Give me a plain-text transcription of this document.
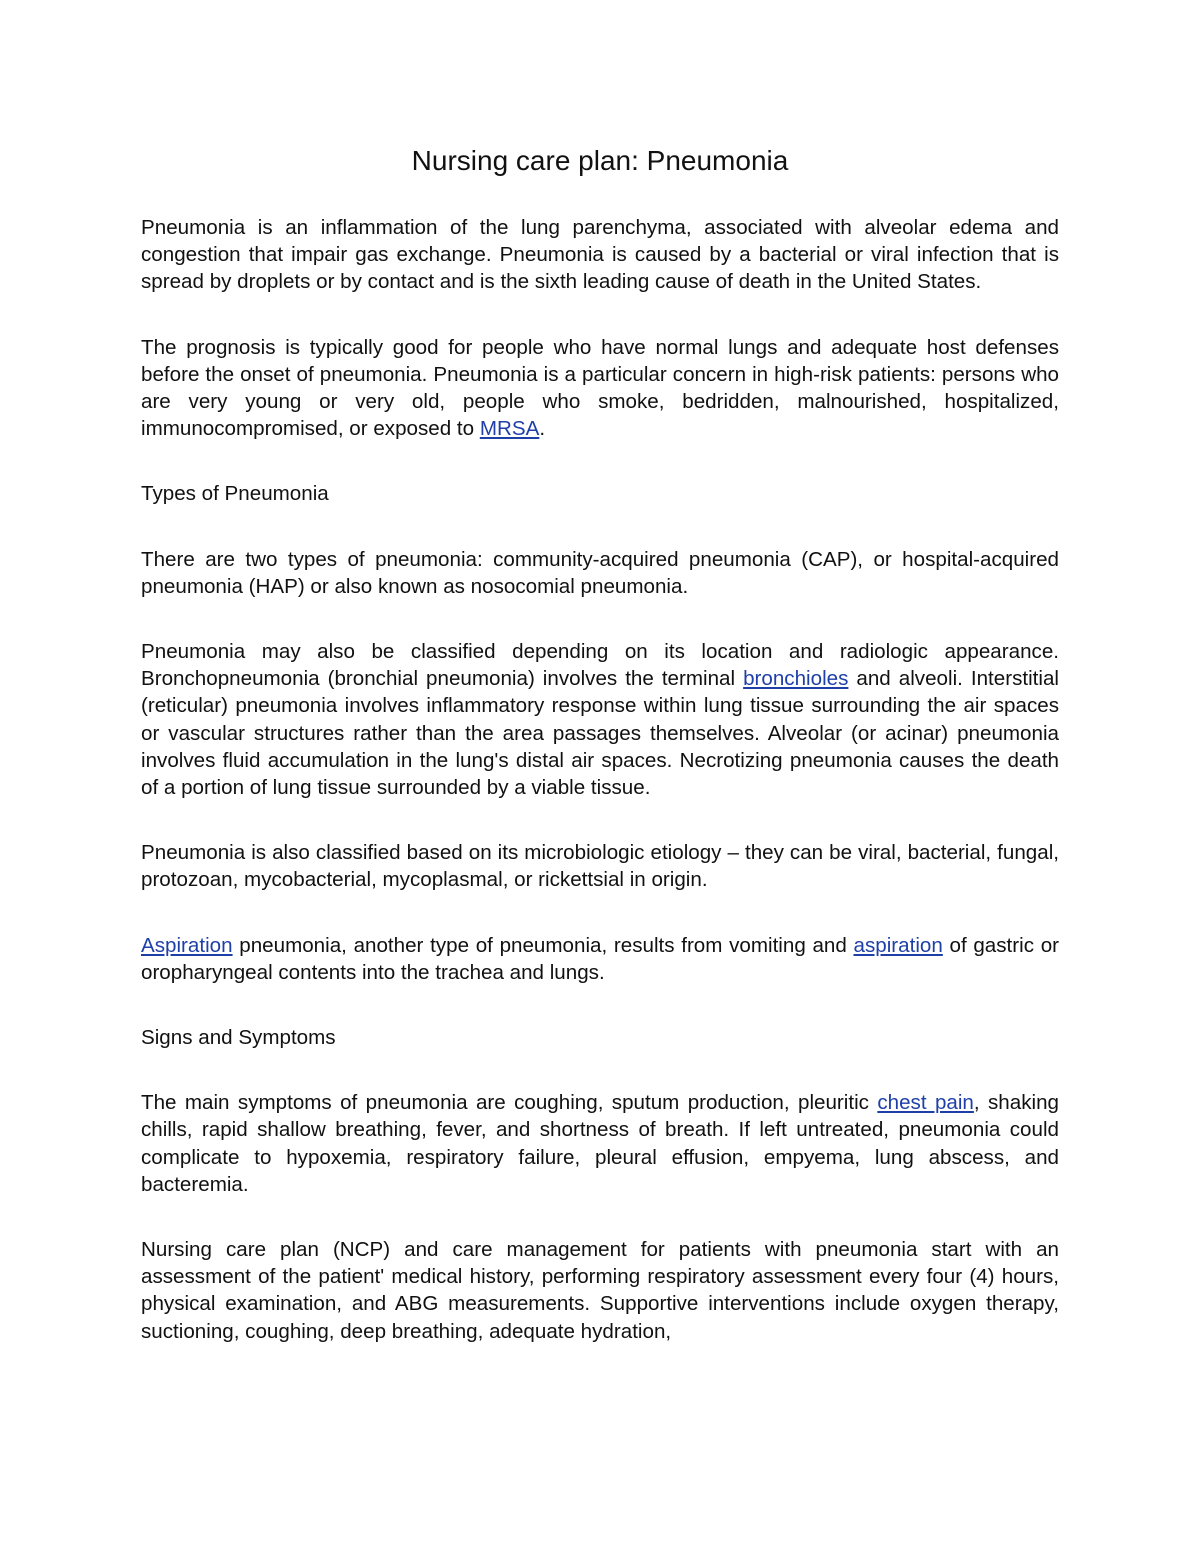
Nursing care plan: Pneumonia

Pneumonia is an inflammation of the lung parenchyma, associated with alveolar edema and congestion that impair gas exchange. Pneumonia is caused by a bacterial or viral infection that is spread by droplets or by contact and is the sixth leading cause of death in the United States.

The prognosis is typically good for people who have normal lungs and adequate host defenses before the onset of pneumonia. Pneumonia is a particular concern in high-risk patients: persons who are very young or very old, people who smoke, bedridden, malnourished, hospitalized, immunocompromised, or exposed to MRSA.

Types of Pneumonia

There are two types of pneumonia: community-acquired pneumonia (CAP), or hospital-acquired pneumonia (HAP) or also known as nosocomial pneumonia.

Pneumonia may also be classified depending on its location and radiologic appearance. Bronchopneumonia (bronchial pneumonia) involves the terminal bronchioles and alveoli. Interstitial (reticular) pneumonia involves inflammatory response within lung tissue surrounding the air spaces or vascular structures rather than the area passages themselves. Alveolar (or acinar) pneumonia involves fluid accumulation in the lung's distal air spaces. Necrotizing pneumonia causes the death of a portion of lung tissue surrounded by a viable tissue.

Pneumonia is also classified based on its microbiologic etiology – they can be viral, bacterial, fungal, protozoan, mycobacterial, mycoplasmal, or rickettsial in origin.

Aspiration pneumonia, another type of pneumonia, results from vomiting and aspiration of gastric or oropharyngeal contents into the trachea and lungs.

Signs and Symptoms

The main symptoms of pneumonia are coughing, sputum production, pleuritic chest pain, shaking chills, rapid shallow breathing, fever, and shortness of breath. If left untreated, pneumonia could complicate to hypoxemia, respiratory failure, pleural effusion, empyema, lung abscess, and bacteremia.

Nursing care plan (NCP) and care management for patients with pneumonia start with an assessment of the patient' medical history, performing respiratory assessment every four (4) hours, physical examination, and ABG measurements. Supportive interventions include oxygen therapy, suctioning, coughing, deep breathing, adequate hydration,
